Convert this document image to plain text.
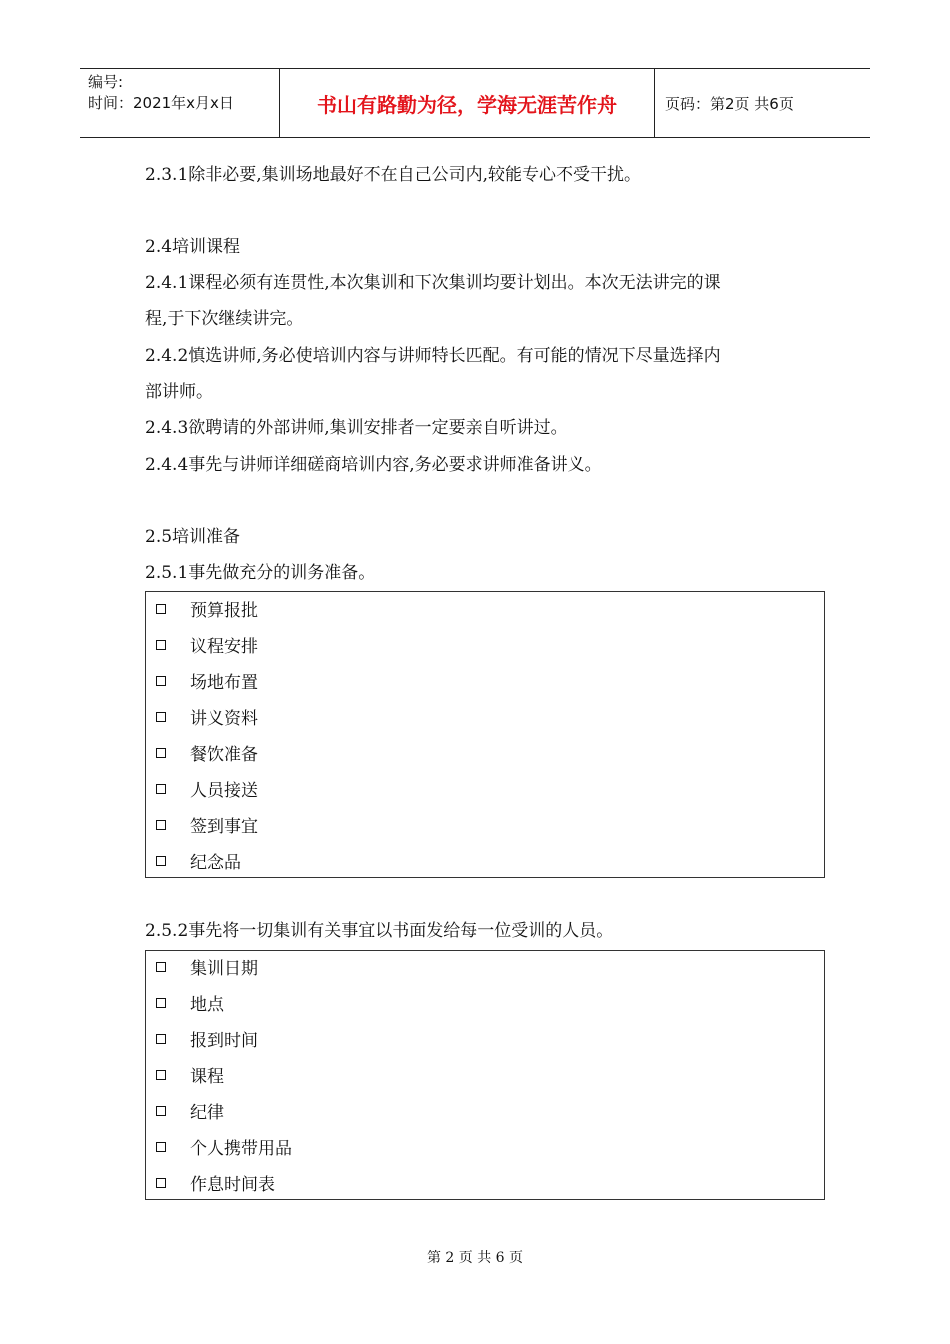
编号:
时间：2021年x月x日	书山有路勤为径，学海无涯苦作舟	页码：第2页 共6页
2.3.1除非必要,集训场地最好不在自己公司内,较能专心不受干扰。
2.4培训课程
2.4.1课程必须有连贯性,本次集训和下次集训均要计划出。本次无法讲完的课
程,于下次继续讲完。
2.4.2慎选讲师,务必使培训内容与讲师特长匹配。有可能的情况下尽量选择内
部讲师。
2.4.3欲聘请的外部讲师,集训安排者一定要亲自听讲过。
2.4.4事先与讲师详细磋商培训内容,务必要求讲师准备讲义。
2.5培训准备
2.5.1事先做充分的训务准备。
2.5.2事先将一切集训有关事宜以书面发给每一位受训的人员。
预算报批
议程安排
场地布置
讲义资料
餐饮准备
人员接送
签到事宜
纪念品
集训日期
地点
报到时间
课程
纪律
个人携带用品
作息时间表
第 2 页 共 6 页
